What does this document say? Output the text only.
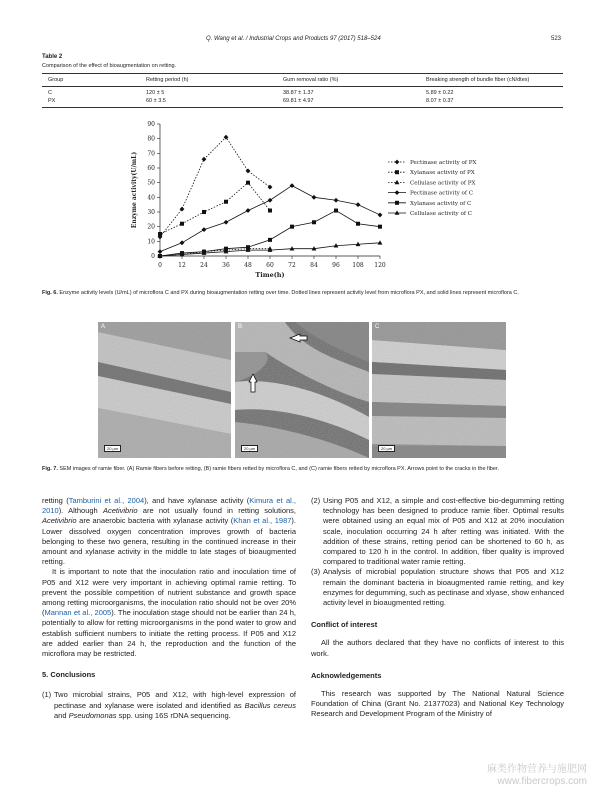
Q. Wang et al. / Industrial Crops and Products 97 (2017) 518–524	523
Table 2
Comparison of the effect of bioaugmentation on retting.
Group	Retting period (h)	Gum removal ratio (%)	Breaking strength of bundle fiber (cN/dtex)
C	120 ± 5	38.87 ± 1.37	5.89 ± 0.22
PX	60 ± 3.5	69.81 ± 4.97	8.07 ± 0.37
0
10
20
30
40
50
60
70
80
90
0	12 24 36 48 60 72 84 96 108 120
Time(h)
Enzyme activity(U/mL)	Pectinase activity of PX
Xylanase activity of PX
Cellulase activity of PX
Pectinase activity of C
Xylanase activity of C
Cellulase activity of C
Fig. 6. Enzyme activity levels (U/mL) of microflora C and PX during bioaugmentation retting over time. Dotted lines represent activity level from microflora PX, and solid lines represent microflora C.
A
20 µm
B
20 µm
C
20 µm
Fig. 7. SEM images of ramie fiber. (A) Ramie fibers before retting, (B) ramie fibers retted by microflora C, and (C) ramie fibers retted by microflora PX. Arrows point to the cracks in the fiber.

retting (Tamburini et al., 2004), and have xylanase activity (Kimura et al., 2010). Although Acetivibrio are not usually found in retting solutions, Acetivibrio are anaerobic bacteria with xylanase activity (Khan et al., 1987). Lower dissolved oxygen concentration improves growth of bacteria belonging to these two genera, resulting in the continued increase in their amount and xylanase activity in the middle to late stages of bioaugmented retting.

It is important to note that the inoculation ratio and inoculation time of P05 and X12 were very important in achieving optimal ramie retting. To prevent the possible competition of nutrient substance and growth space among retting microorganisms, the inoculation ratio should not be over 20% (Mannan et al., 2005). The inoculation stage should not be earlier than 24 h, potentially to allow for retting microorganisms in the pond water to grow and establish sufficient numbers to initiate the retting process. If P05 and X12 are added earlier than 24 h, the reproduction and the function of the microflora may be restricted.

5. Conclusions

(1) Two microbial strains, P05 and X12, with high-level expression of pectinase and xylanase were isolated and identified as Bacillus cereus and Pseudomonas spp. using 16S rDNA sequencing.
(2) Using P05 and X12, a simple and cost-effective bio-degumming retting technology has been designed to produce ramie fiber. Optimal results were obtained using an equal mix of P05 and X12 at 20% inoculation scale, inoculation occurring 24 h after retting was initiated. With the addition of these strains, retting period can be shortened to 60 h, as compared to 120 h in the control. In addition, fiber quality is improved compared to traditional water ramie retting.
(3) Analysis of microbial population structure shows that P05 and X12 remain the dominant bacteria in bioaugmented ramie retting, and key enzymes for degumming, such as pectinase and xlyase, show enhanced activity level in bioaugmented retting.

Conflict of interest

All the authors declared that they have no conflicts of interest to this work.

Acknowledgements

This research was supported by The National Natural Science Foundation of China (Grant No. 21377023) and National Key Technology Research and Development Program of the Ministry of

麻类作物营养与施肥网
www.fibercrops.com
